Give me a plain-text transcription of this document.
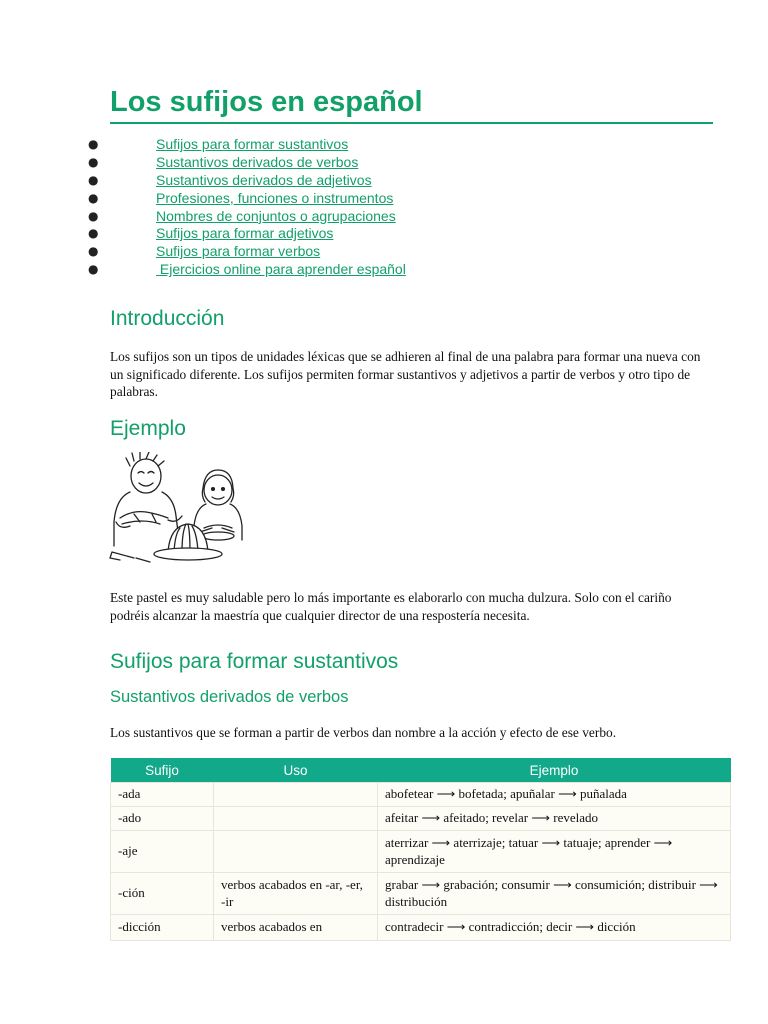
Los sufijos en español
●	Sufijos para formar sustantivos
●	Sustantivos derivados de verbos
●	Sustantivos derivados de adjetivos
●	Profesiones, funciones o instrumentos
●	Nombres de conjuntos o agrupaciones
●	Sufijos para formar adjetivos
●	Sufijos para formar verbos
●	Ejercicios online para aprender español
Introducción

Los sufijos son un tipos de unidades léxicas que se adhieren al final de una palabra para formar una nueva con un significado diferente. Los sufijos permiten formar sustantivos y adjetivos a partir de verbos y otro tipo de palabras.

Ejemplo

Este pastel es muy saludable pero lo más importante es elaborarlo con mucha dulzura. Solo con el cariño podréis alcanzar la maestría que cualquier director de una respostería necesita.

Sufijos para formar sustantivos
Sustantivos derivados de verbos

Los sustantivos que se forman a partir de verbos dan nombre a la acción y efecto de ese verbo.

Sufijo	Uso	Ejemplo
-ada		abofetear ⟶ bofetada; apuñalar ⟶ puñalada
-ado		afeitar ⟶ afeitado; revelar ⟶ revelado
-aje		aterrizar ⟶ aterrizaje; tatuar ⟶ tatuaje; aprender ⟶ aprendizaje
-ción	verbos acabados en -ar, -er, -ir	grabar ⟶ grabación; consumir ⟶ consumición; distribuir ⟶ distribución
-dicción	verbos acabados en	contradecir ⟶ contradicción; decir ⟶ dicción
